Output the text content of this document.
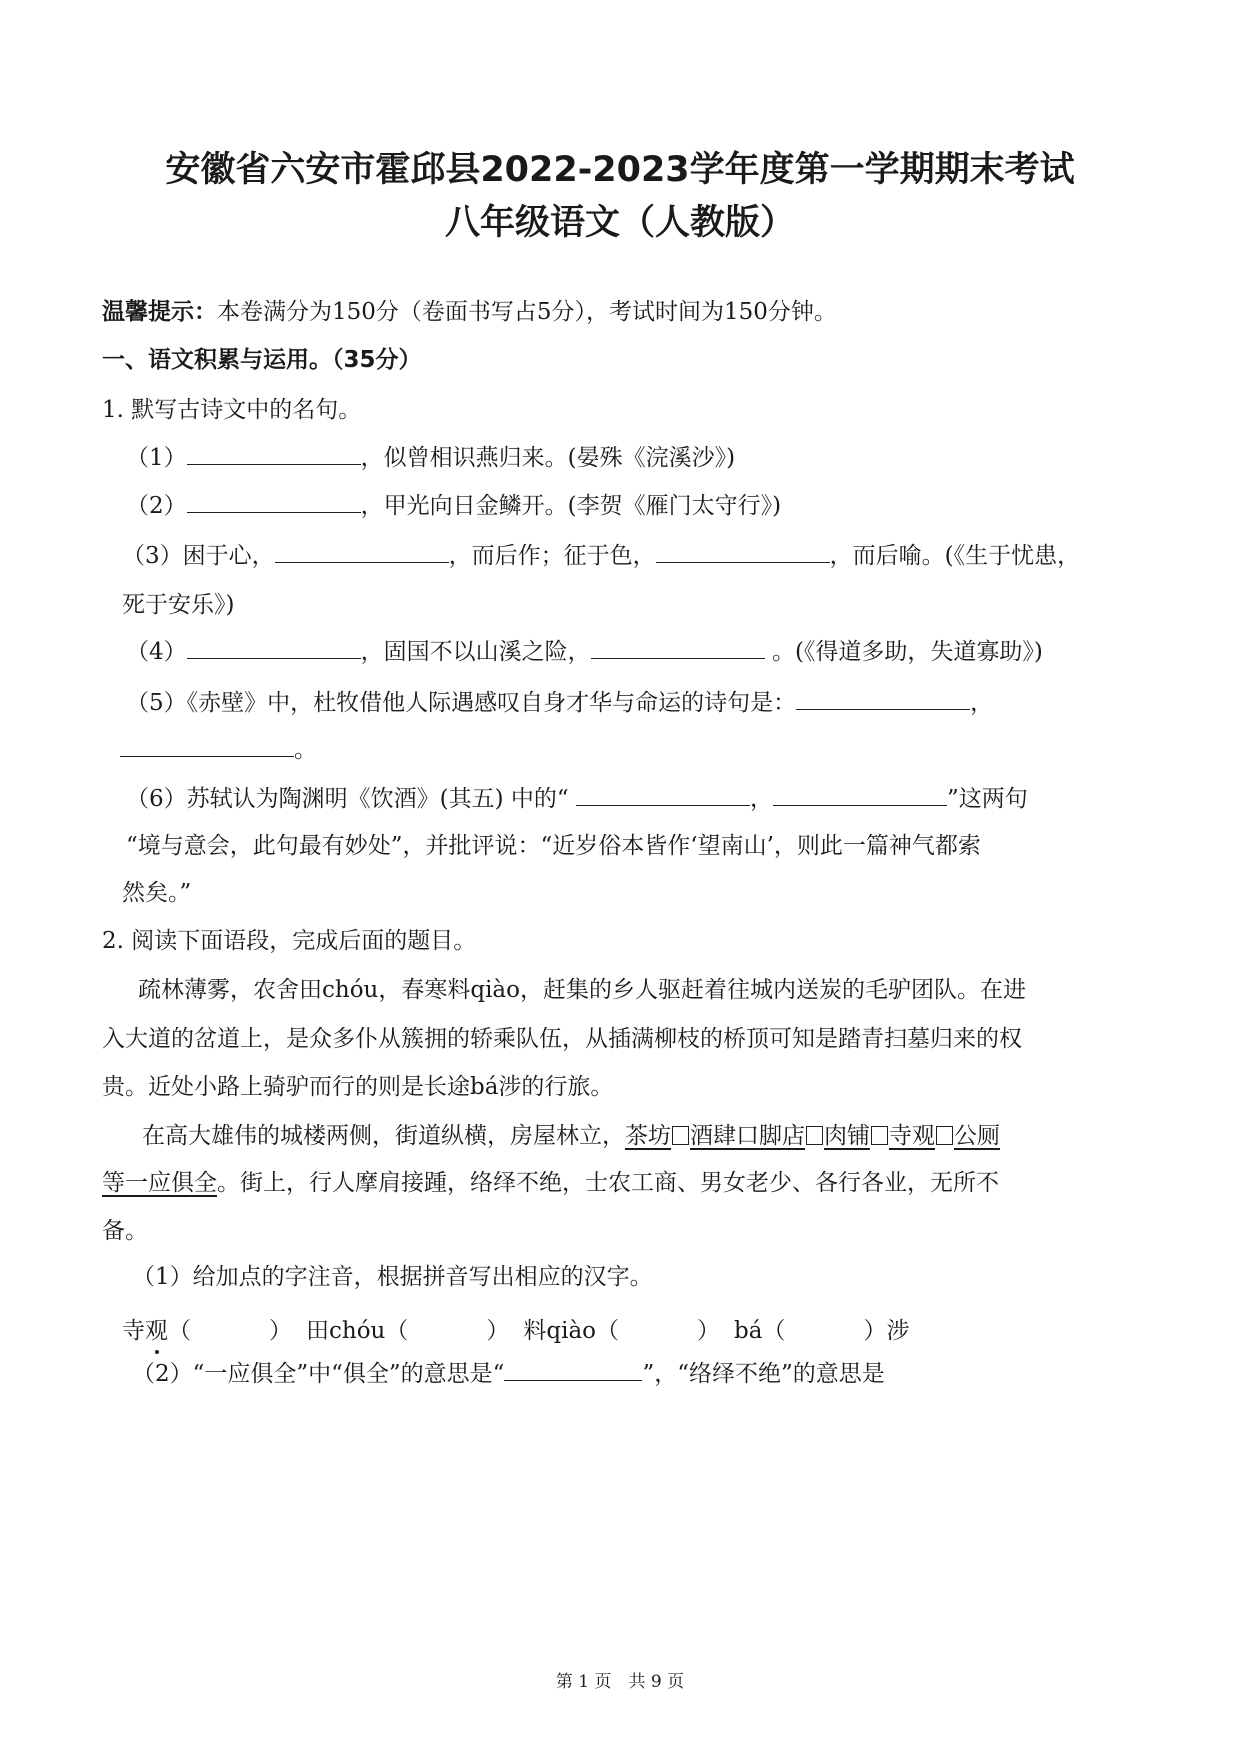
安徽省六安市霍邱县2022-2023学年度第一学期期末考试
八年级语文（人教版）
温馨提示：本卷满分为150分（卷面书写占5分），考试时间为150分钟。
一、语文积累与运用。（35分）
1. 默写古诗文中的名句。
（1）	，似曾相识燕归来。(晏殊《浣溪沙》)
（2）	，甲光向日金鳞开。(李贺《雁门太守行》)
（3）困于心，	，而后作；征于色，	，而后喻。(《生于忧患，
死于安乐》)
（4）	，固国不以山溪之险，	。(《得道多助，失道寡助》)
（5）《赤壁》中，杜牧借他人际遇感叹自身才华与命运的诗句是：	，
。
（6）苏轼认为陶渊明《饮酒》(其五) 中的“	，	”这两句
“境与意会，此句最有妙处”，并批评说：“近岁俗本皆作‘望南山’，则此一篇神气都索
然矣。”
2. 阅读下面语段，完成后面的题目。
疏林薄雾，农舍田chóu，春寒料qiào，赶集的乡人驱赶着往城内送炭的毛驴团队。在进
入大道的岔道上，是众多仆从簇拥的轿乘队伍，从插满柳枝的桥顶可知是踏青扫墓归来的权
贵。近处小路上骑驴而行的则是长途bá涉的行旅。
在高大雄伟的城楼两侧，街道纵横，房屋林立，茶坊 酒肆口脚店 肉铺 寺观 公厕
等一应俱全。街上，行人摩肩接踵，络绎不绝，士农工商、男女老少、各行各业，无所不
备。
（1）给加点的字注音，根据拼音写出相应的汉字。
寺观（	） 田chóu（	） 料qiào（	） bá（	）涉
（2）“一应俱全”中“俱全”的意思是“	”，“络绎不绝”的意思是
第 1 页　共 9 页
